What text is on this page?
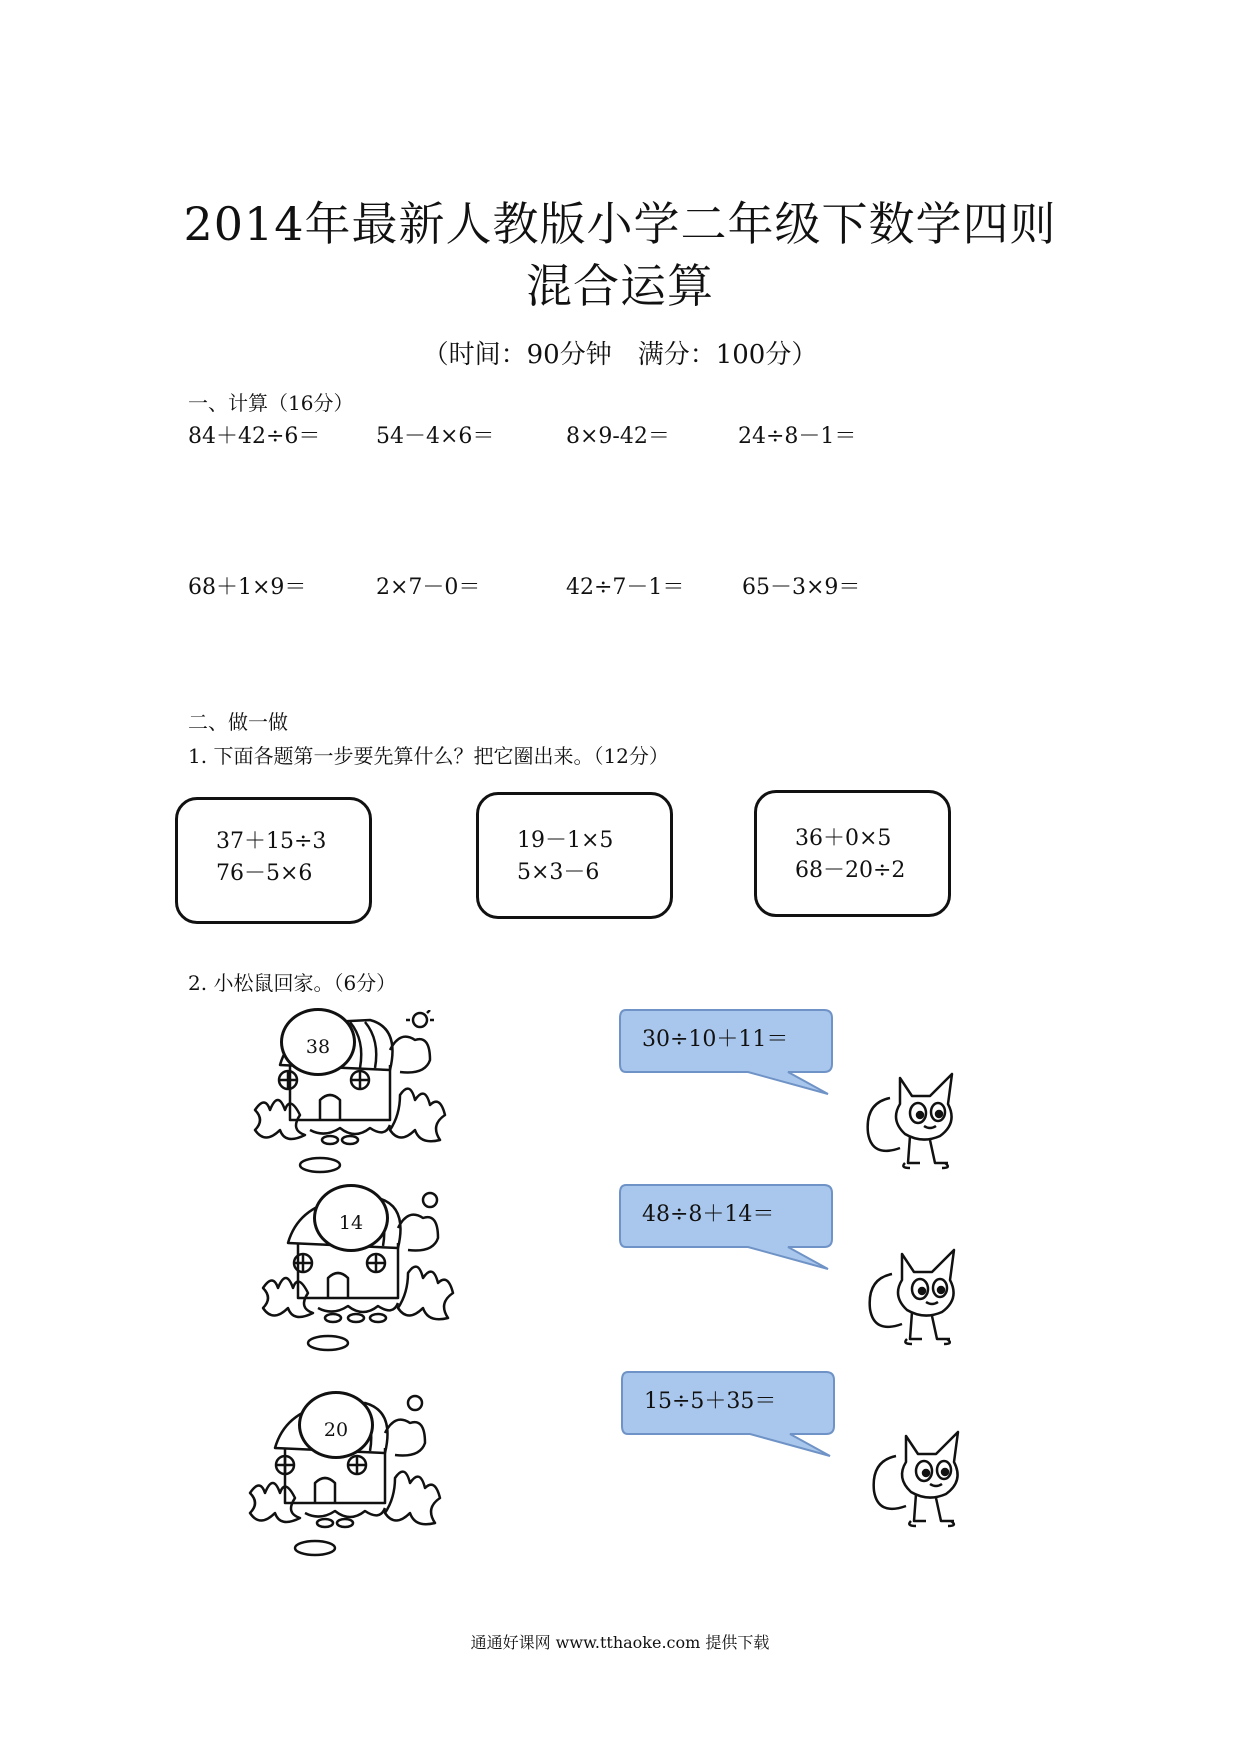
2014年最新人教版小学二年级下数学四则
混合运算
（时间：90分钟　满分：100分）
一、计算（16分）
84＋42÷6＝	54－4×6＝	8×9-42＝	24÷8－1＝
68＋1×9＝	2×7－0＝	42÷7－1＝	65－3×9＝
二、做一做
1. 下面各题第一步要先算什么？把它圈出来。（12分）
37＋15÷3
76－5×6
19－1×5
5×3－6
36＋0×5
68－20÷2
2. 小松鼠回家。（6分）
38
14
20
30÷10＋11＝
48÷8＋14＝
15÷5＋35＝
通通好课网 www.tthaoke.com 提供下载
